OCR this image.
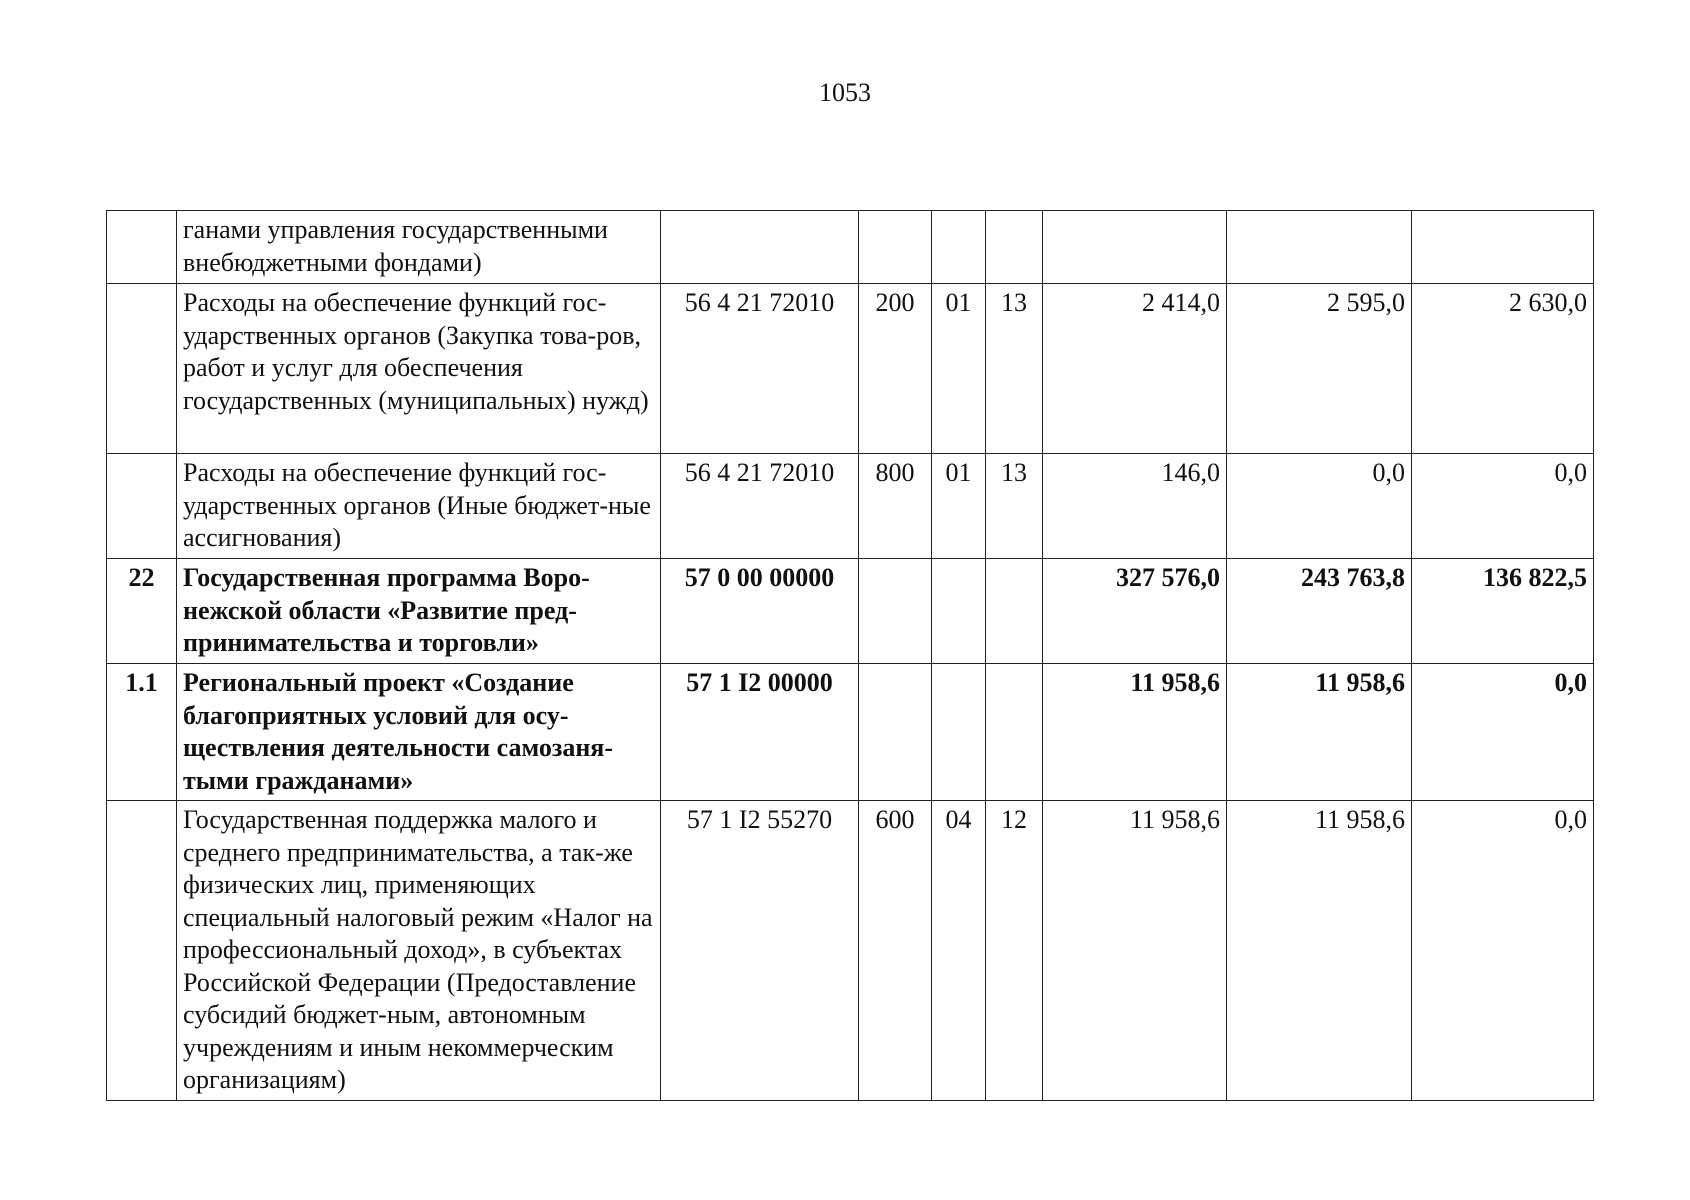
1053
	ганами управления государственными внебюджетными фондами)							
	Расходы на обеспечение функций гос-ударственных органов (Закупка това-ров, работ и услуг для обеспечения государственных (муниципальных) нужд)	56 4 21 72010	200	01	13	2 414,0	2 595,0	2 630,0
	Расходы на обеспечение функций гос-ударственных органов (Иные бюджет-ные ассигнования)	56 4 21 72010	800	01	13	146,0	0,0	0,0
22	Государственная программа Воро-нежской области «Развитие пред-принимательства и торговли»	57 0 00 00000				327 576,0	243 763,8	136 822,5
1.1	Региональный проект «Создание благоприятных условий для осу-ществления деятельности самозаня-тыми гражданами»	57 1 I2 00000				11 958,6	11 958,6	0,0
	Государственная поддержка малого и среднего предпринимательства, а так-же физических лиц, применяющих специальный налоговый режим «Налог на профессиональный доход», в субъектах Российской Федерации (Предоставление субсидий бюджет-ным, автономным учреждениям и иным некоммерческим организациям)	57 1 I2 55270	600	04	12	11 958,6	11 958,6	0,0
